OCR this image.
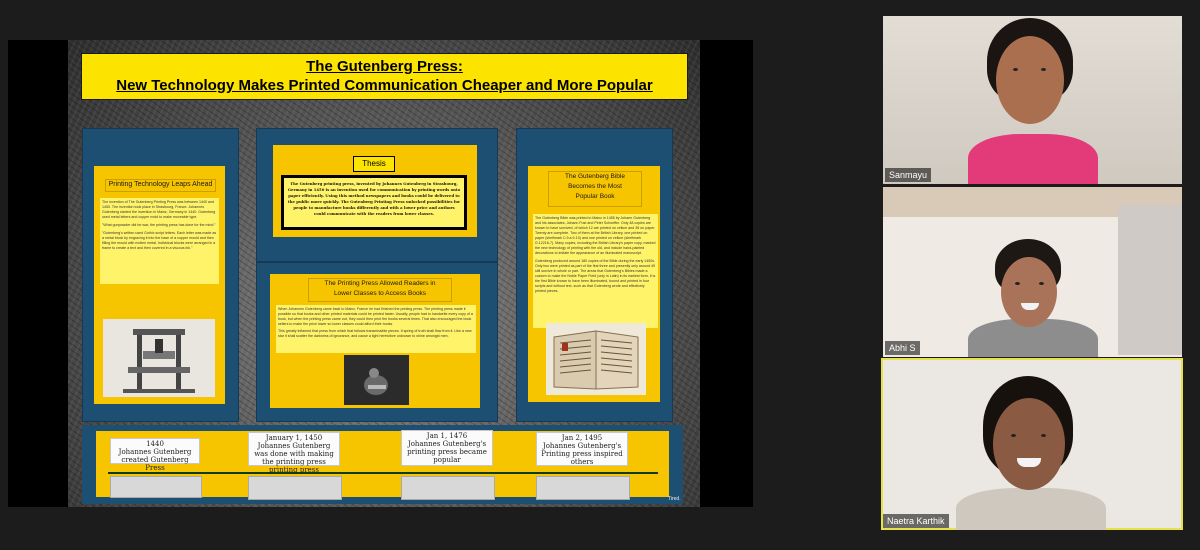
The Gutenberg Press:
New Technology Makes Printed Communication Cheaper and More Popular
Printing Technology Leaps Ahead
The invention of The Gutenberg Printing Press was between 1440 and 1450. The invention took place in Strasbourg, France. Johannes Gutenberg started the invention in Mainz, Germany in 1440. Gutenberg used metal letters and copper mold to make moveable type.
"What gunpowder did for war, the printing press has done for the mind."
"Gutenberg's written used Gothic script letters. Each letter was made as a metal block by engraving it into the base of a copper mould and then filling the mould with molten metal. Individual blocks were arranged in a frame to create a text and then covered in a viscous ink."
Thesis
The Gutenberg printing press, invented by Johannes Gutenberg in Strasbourg, Germany in 1450 is an invention used for communication by printing words onto paper efficiently. Using this method newspapers and books could be delivered to the public more quickly. The Gutenberg Printing Press unlocked possibilities for people to manufacture books differently and with a lower price and authors could communicate with the readers from lower classes.
The Printing Press Allowed Readers in
Lower Classes to Access Books
When Johannes Gutenberg came back to Mainz, France he had finished the printing press. The printing press made it possible so that books and other printed materials could be printed faster. Usually, people had to handwrite every copy of a book, but when the printing press came out, they could then print the books several times. That also encouraged the book sellers to make the price lower so lower classes could afford their books.
This greatly inflamed that press from which that follows transmissible pieces. It spring of truth shall flow from it. Like a new star it shall scatter the darkness of ignorance, and cause a light heretofore unknown to shine amongst men.
The Gutenberg Bible
Becomes the Most
Popular Book
The Gutenberg Bible was printed in Mainz in 1455 by Johann Gutenberg and his associates, Johann Fust and Peter Schoeffer. Only 48 copies are known to have survived, of which 12 are printed on vellum and 36 on paper. Twenty are complete. Two of them at the British Library, one printed on paper (shelfmark C.9.a.9-10) and one printed on vellum (shelfmark G.12216-7). Many copies, including the British Library's paper copy, marked the new technology of printing with the old, and include hand-painted decorations to imitate the appearance of an illuminated manuscript.
Gutenberg produced around 180 copies of the Bible during the early 1450s. Only two were printed as part of the first three and presently only around 49 still survive in whole or part. The areas that Gutenberg's Bibles made a custom to make the Noble Paper Field (only in Latin) in its earliest form, it is the first Bible known to have been illuminated, bound and printed in four scripts and without text, such as that Gutenberg wrote and effectively printed pieces.
1440
Johannes Gutenberg created Gutenberg Press
January 1, 1450
Johannes Gutenberg was done with making the printing press printing press
Jan 1, 1476
Johannes Gutenberg's printing press became popular
Jan 2, 1495
Johannes Gutenberg's Printing press inspired others
Tired.
Sanmayu
Abhi S
Naetra Karthik
